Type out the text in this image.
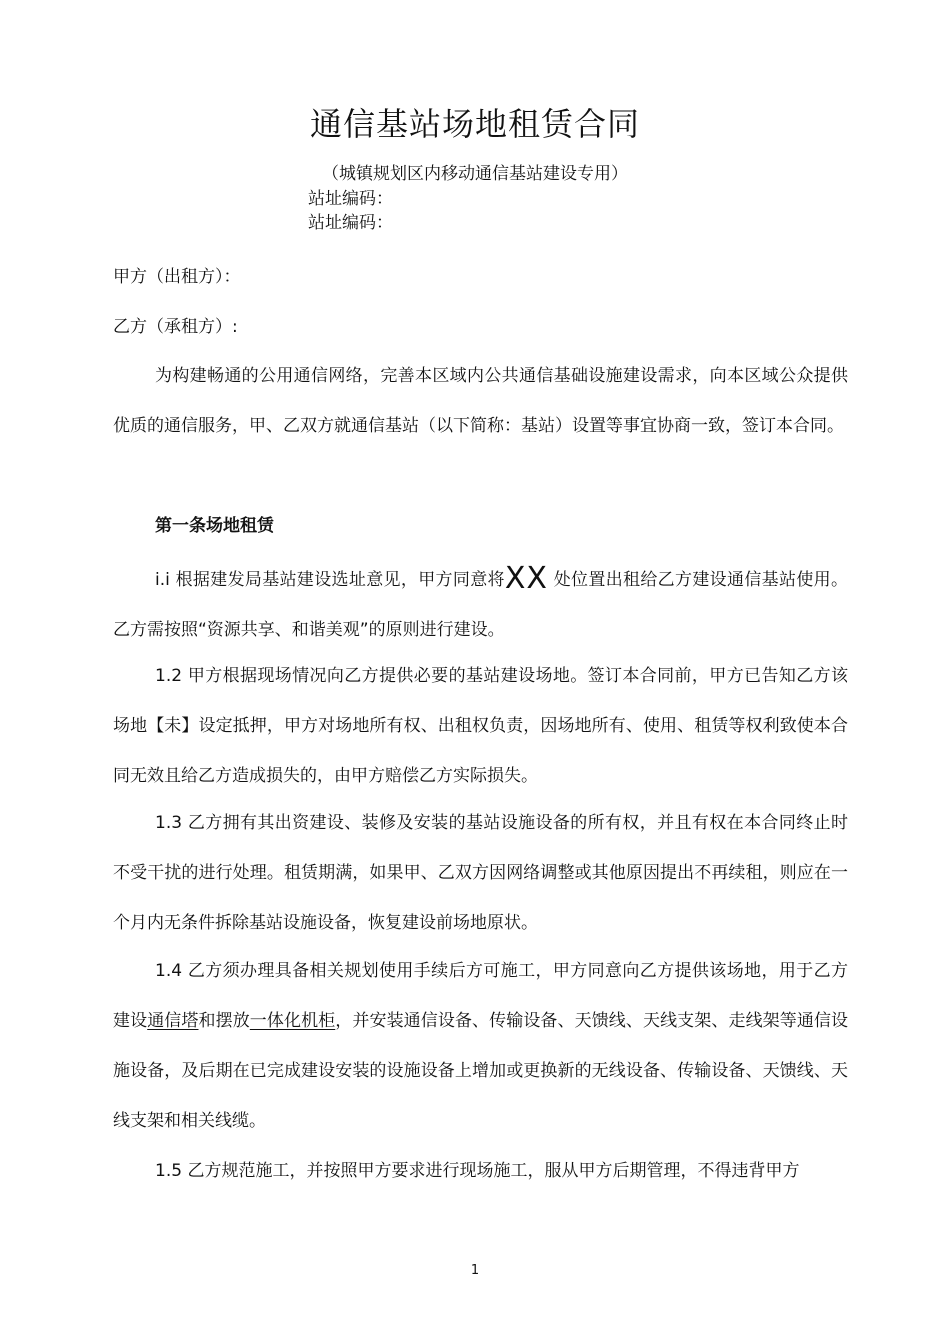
通信基站场地租赁合同
（城镇规划区内移动通信基站建设专用）
站址编码：
站址编码：
甲方（出租方）：
乙方（承租方）:

为构建畅通的公用通信网络，完善本区域内公共通信基础设施建设需求，向本区域公众提供优质的通信服务，甲、乙双方就通信基站（以下简称：基站）设置等事宜协商一致，签订本合同。

第一条场地租赁

i.i 根据建发局基站建设选址意见，甲方同意将XX 处位置出租给乙方建设通信基站使用。乙方需按照“资源共享、和谐美观”的原则进行建设。

1.2 甲方根据现场情况向乙方提供必要的基站建设场地。签订本合同前，甲方已告知乙方该场地【未】设定抵押，甲方对场地所有权、出租权负责，因场地所有、使用、租赁等权利致使本合同无效且给乙方造成损失的，由甲方赔偿乙方实际损失。

1.3 乙方拥有其出资建设、装修及安装的基站设施设备的所有权，并且有权在本合同终止时不受干扰的进行处理。租赁期满，如果甲、乙双方因网络调整或其他原因提出不再续租，则应在一个月内无条件拆除基站设施设备，恢复建设前场地原状。

1.4 乙方须办理具备相关规划使用手续后方可施工，甲方同意向乙方提供该场地，用于乙方建设通信塔和摆放一体化机柜，并安装通信设备、传输设备、天馈线、天线支架、走线架等通信设施设备，及后期在已完成建设安装的设施设备上增加或更换新的无线设备、传输设备、天馈线、天线支架和相关线缆。

1.5 乙方规范施工，并按照甲方要求进行现场施工，服从甲方后期管理，不得违背甲方

1
